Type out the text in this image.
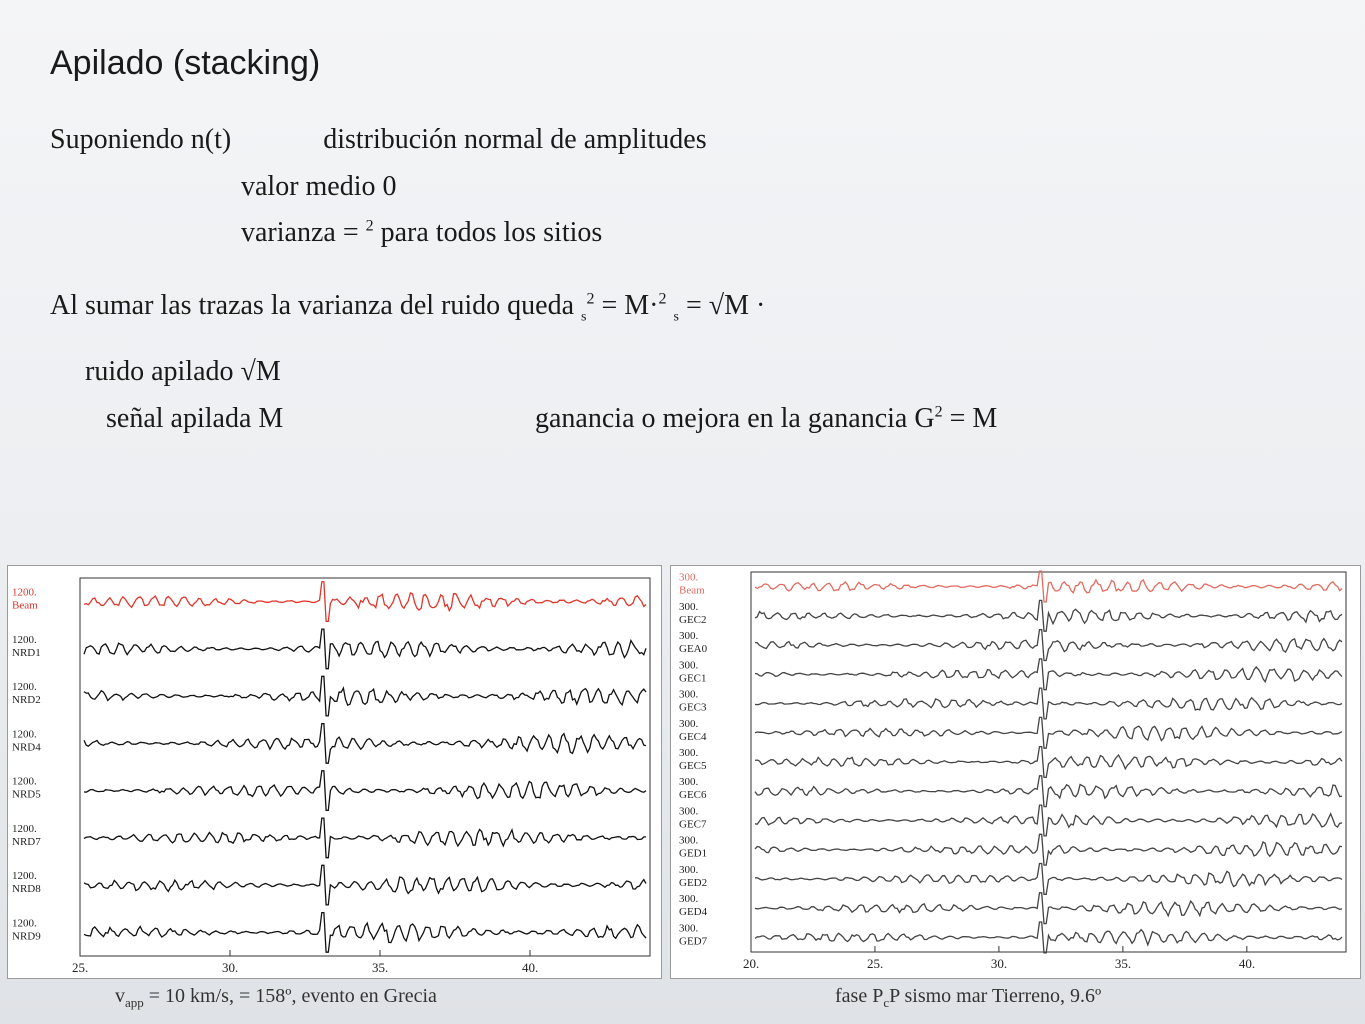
Apilado (stacking)
Suponiendo n(t)	distribución normal de amplitudes
valor medio 0
varianza = $^2$ para todos los sitios
Al sumar las trazas la varianza del ruido queda $_s^2$ = M·$^2$ $_s$ = √M ·
ruido apilado √M
señal apilada M	ganancia o mejora en la ganancia $G^2 = M$
1200.
Beam
1200.
NRD1
1200.
NRD2
1200.
NRD4
1200.
NRD5
1200.
NRD7
1200.
NRD8
1200.
NRD9
25.	30.	35.	40.
$v_{app} = 10$ km/s, = 158º, evento en Grecia
300.
Beam
300.
GEC2
300.
GEA0
300.
GEC1
300.
GEC3
300.
GEC4
300.
GEC5
300.
GEC6
300.
GEC7
300.
GED1
300.
GED2
300.
GED4
300.
GED7
20.	25.	30.	35.	40.
fase $P_cP$ sismo mar Tierreno, 9.6º
